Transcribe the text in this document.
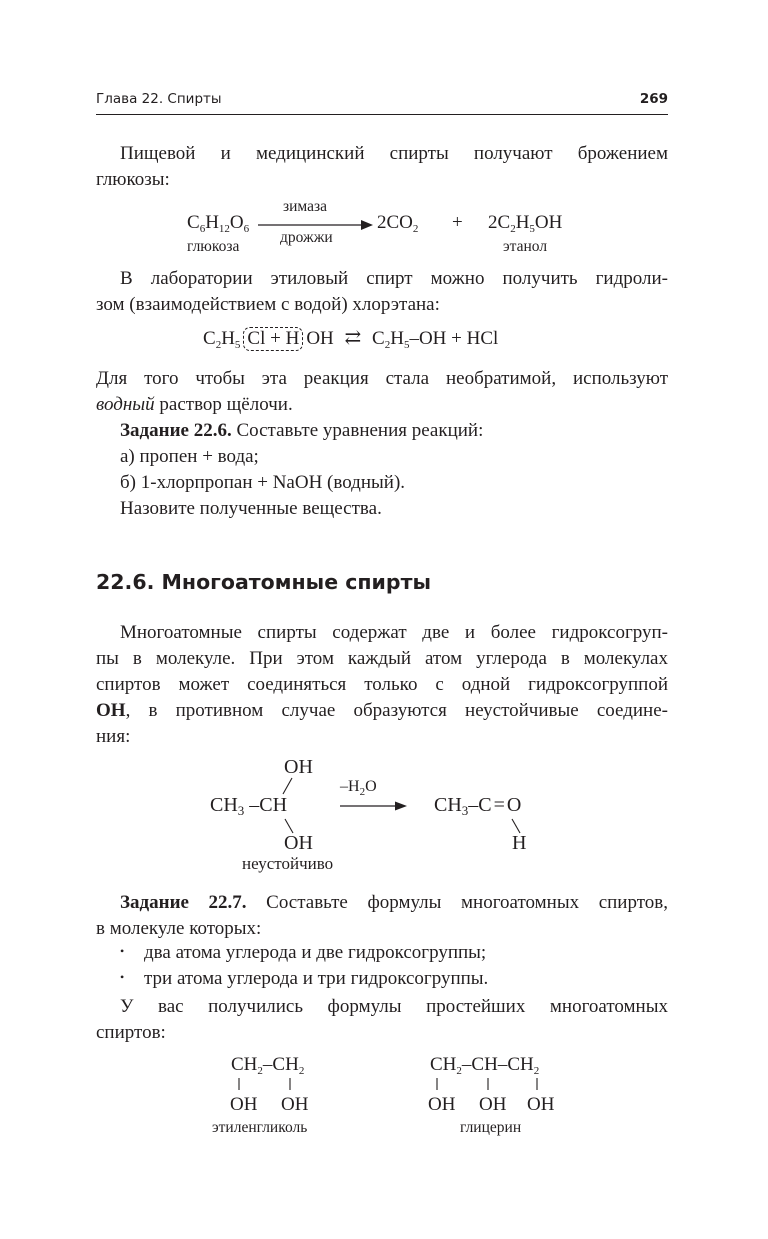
Глава 22. Спирты	269
Пищевой и медицинский спирты получают брожением
глюкозы:
$C_6H_{12}O_6$
глюкоза
зимаза
дрожжи
$2CO_2 + 2C_2H_5OH$
этанол
В лаборатории этиловый спирт можно получить гидроли-
зом (взаимодействием с водой) хлорэтана:
$C_2H_5$ Cl + H OH ⇄ $C_2H_5-OH$ + HCl
Для того чтобы эта реакция стала необратимой, используют
водный раствор щёлочи.
Задание 22.6. Составьте уравнения реакций:
а) пропен + вода;
б) 1-хлорпропан + NaOH (водный).
Назовите полученные вещества.
22.6. Многоатомные спирты
Многоатомные спирты содержат две и более гидроксогруп-
пы в молекуле. При этом каждый атом углерода в молекулах
спиртов может соединяться только с одной гидроксогруппой
ОН, в противном случае образуются неустойчивые соедине-
ния:
OH
$CH_3$ –CH
OH
неустойчиво
$-H_2O$
$CH_3-C = O$
H
Задание 22.7. Составьте формулы многоатомных спиртов,
в молекуле которых:
• два атома углерода и две гидроксогруппы;
• три атома углерода и три гидроксогруппы.
У вас получились формулы простейших многоатомных
спиртов:
$CH_2-CH_2$
OH OH
этиленгликоль
$CH_2-CH-CH_2$
OH OH OH
глицерин
